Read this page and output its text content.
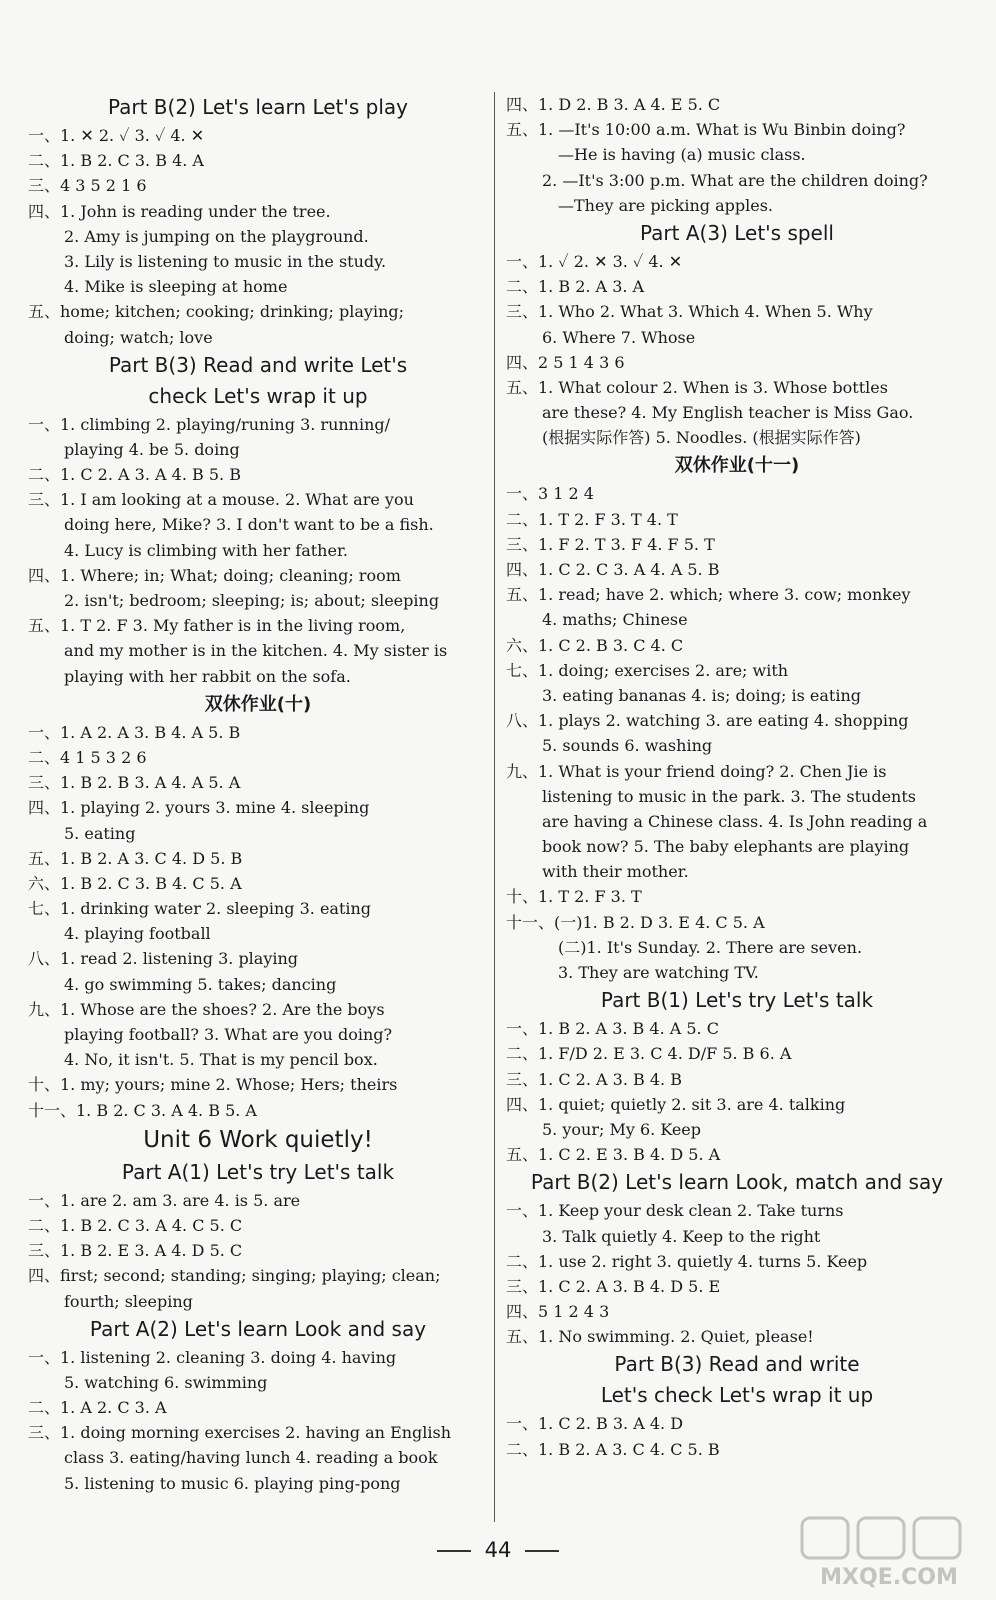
Part B(2) Let's learn Let's play
一、1. ✕ 2. ✓ 3. ✓ 4. ✕
二、1. B 2. C 3. B 4. A
三、4 3 5 2 1 6
四、1. John is reading under the tree.
2. Amy is jumping on the playground.
3. Lily is listening to music in the study.
4. Mike is sleeping at home
五、home; kitchen; cooking; drinking; playing;
doing; watch; love
Part B(3) Read and write Let's
check Let's wrap it up
一、1. climbing 2. playing/runing 3. running/
playing 4. be 5. doing
二、1. C 2. A 3. A 4. B 5. B
三、1. I am looking at a mouse. 2. What are you
doing here, Mike? 3. I don't want to be a fish.
4. Lucy is climbing with her father.
四、1. Where; in; What; doing; cleaning; room
2. isn't; bedroom; sleeping; is; about; sleeping
五、1. T 2. F 3. My father is in the living room,
and my mother is in the kitchen. 4. My sister is
playing with her rabbit on the sofa.
双休作业(十)
一、1. A 2. A 3. B 4. A 5. B
二、4 1 5 3 2 6
三、1. B 2. B 3. A 4. A 5. A
四、1. playing 2. yours 3. mine 4. sleeping
5. eating
五、1. B 2. A 3. C 4. D 5. B
六、1. B 2. C 3. B 4. C 5. A
七、1. drinking water 2. sleeping 3. eating
4. playing football
八、1. read 2. listening 3. playing
4. go swimming 5. takes; dancing
九、1. Whose are the shoes? 2. Are the boys
playing football? 3. What are you doing?
4. No, it isn't. 5. That is my pencil box.
十、1. my; yours; mine 2. Whose; Hers; theirs
十一、1. B 2. C 3. A 4. B 5. A
Unit 6 Work quietly!
Part A(1) Let's try Let's talk
一、1. are 2. am 3. are 4. is 5. are
二、1. B 2. C 3. A 4. C 5. C
三、1. B 2. E 3. A 4. D 5. C
四、first; second; standing; singing; playing; clean;
fourth; sleeping
Part A(2) Let's learn Look and say
一、1. listening 2. cleaning 3. doing 4. having
5. watching 6. swimming
二、1. A 2. C 3. A
三、1. doing morning exercises 2. having an English
class 3. eating/having lunch 4. reading a book
5. listening to music 6. playing ping-pong
四、1. D 2. B 3. A 4. E 5. C
五、1. —It's 10:00 a.m. What is Wu Binbin doing?
—He is having (a) music class.
2. —It's 3:00 p.m. What are the children doing?
—They are picking apples.
Part A(3) Let's spell
一、1. ✓ 2. ✕ 3. ✓ 4. ✕
二、1. B 2. A 3. A
三、1. Who 2. What 3. Which 4. When 5. Why
6. Where 7. Whose
四、2 5 1 4 3 6
五、1. What colour 2. When is 3. Whose bottles
are these? 4. My English teacher is Miss Gao.
(根据实际作答) 5. Noodles. (根据实际作答)
双休作业(十一)
一、3 1 2 4
二、1. T 2. F 3. T 4. T
三、1. F 2. T 3. F 4. F 5. T
四、1. C 2. C 3. A 4. A 5. B
五、1. read; have 2. which; where 3. cow; monkey
4. maths; Chinese
六、1. C 2. B 3. C 4. C
七、1. doing; exercises 2. are; with
3. eating bananas 4. is; doing; is eating
八、1. plays 2. watching 3. are eating 4. shopping
5. sounds 6. washing
九、1. What is your friend doing? 2. Chen Jie is
listening to music in the park. 3. The students
are having a Chinese class. 4. Is John reading a
book now? 5. The baby elephants are playing
with their mother.
十、1. T 2. F 3. T
十一、(一)1. B 2. D 3. E 4. C 5. A
(二)1. It's Sunday. 2. There are seven.
3. They are watching TV.
Part B(1) Let's try Let's talk
一、1. B 2. A 3. B 4. A 5. C
二、1. F/D 2. E 3. C 4. D/F 5. B 6. A
三、1. C 2. A 3. B 4. B
四、1. quiet; quietly 2. sit 3. are 4. talking
5. your; My 6. Keep
五、1. C 2. E 3. B 4. D 5. A
Part B(2) Let's learn Look, match and say
一、1. Keep your desk clean 2. Take turns
3. Talk quietly 4. Keep to the right
二、1. use 2. right 3. quietly 4. turns 5. Keep
三、1. C 2. A 3. B 4. D 5. E
四、5 1 2 4 3
五、1. No swimming. 2. Quiet, please!
Part B(3) Read and write
Let's check Let's wrap it up
一、1. C 2. B 3. A 4. D
二、1. B 2. A 3. C 4. C 5. B
44
MXQE.COM
